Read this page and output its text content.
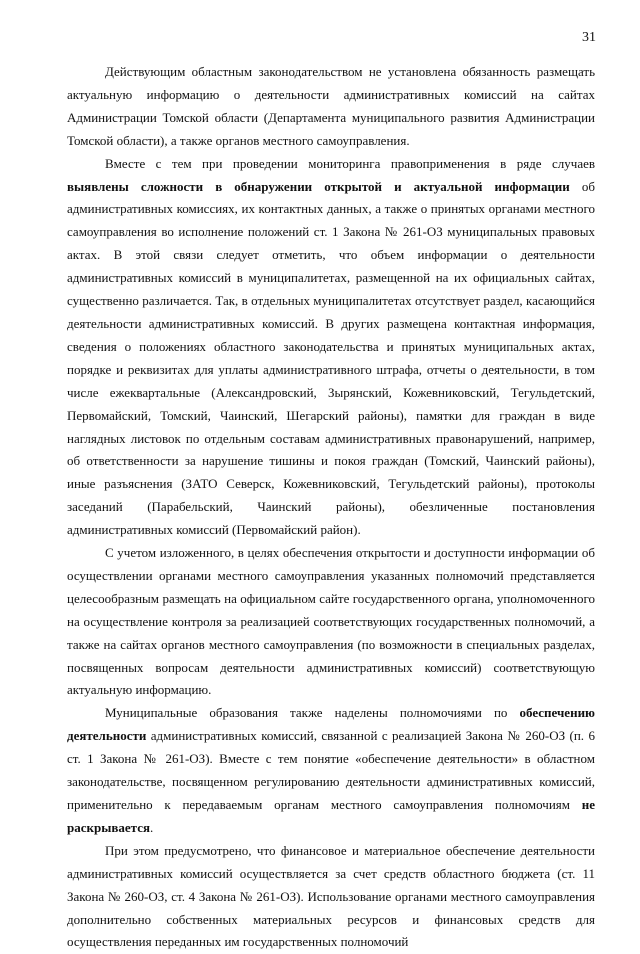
31

Действующим областным законодательством не установлена обязанность размещать актуальную информацию о деятельности административных комиссий на сайтах Администрации Томской области (Департамента муниципального развития Администрации Томской области), а также органов местного самоуправления.

Вместе с тем при проведении мониторинга правоприменения в ряде случаев выявлены сложности в обнаружении открытой и актуальной информации об административных комиссиях, их контактных данных, а также о принятых органами местного самоуправления во исполнение положений ст. 1 Закона № 261-ОЗ муниципальных правовых актах. В этой связи следует отметить, что объем информации о деятельности административных комиссий в муниципалитетах, размещенной на их официальных сайтах, существенно различается. Так, в отдельных муниципалитетах отсутствует раздел, касающийся деятельности административных комиссий. В других размещена контактная информация, сведения о положениях областного законодательства и принятых муниципальных актах, порядке и реквизитах для уплаты административного штрафа, отчеты о деятельности, в том числе ежеквартальные (Александровский, Зырянский, Кожевниковский, Тегульдетский, Первомайский, Томский, Чаинский, Шегарский районы), памятки для граждан в виде наглядных листовок по отдельным составам административных правонарушений, например, об ответственности за нарушение тишины и покоя граждан (Томский, Чаинский районы), иные разъяснения (ЗАТО Северск, Кожевниковский, Тегульдетский районы), протоколы заседаний (Парабельский, Чаинский районы), обезличенные постановления административных комиссий (Первомайский район).

С учетом изложенного, в целях обеспечения открытости и доступности информации об осуществлении органами местного самоуправления указанных полномочий представляется целесообразным размещать на официальном сайте государственного органа, уполномоченного на осуществление контроля за реализацией соответствующих государственных полномочий, а также на сайтах органов местного самоуправления (по возможности в специальных разделах, посвященных вопросам деятельности административных комиссий) соответствующую актуальную информацию.

Муниципальные образования также наделены полномочиями по обеспечению деятельности административных комиссий, связанной с реализацией Закона № 260-ОЗ (п. 6 ст. 1 Закона № 261-ОЗ). Вместе с тем понятие «обеспечение деятельности» в областном законодательстве, посвященном регулированию деятельности административных комиссий, применительно к передаваемым органам местного самоуправления полномочиям не раскрывается.

При этом предусмотрено, что финансовое и материальное обеспечение деятельности административных комиссий осуществляется за счет средств областного бюджета (ст. 11 Закона № 260-ОЗ, ст. 4 Закона № 261-ОЗ). Использование органами местного самоуправления дополнительно собственных материальных ресурсов и финансовых средств для осуществления переданных им государственных полномочий
